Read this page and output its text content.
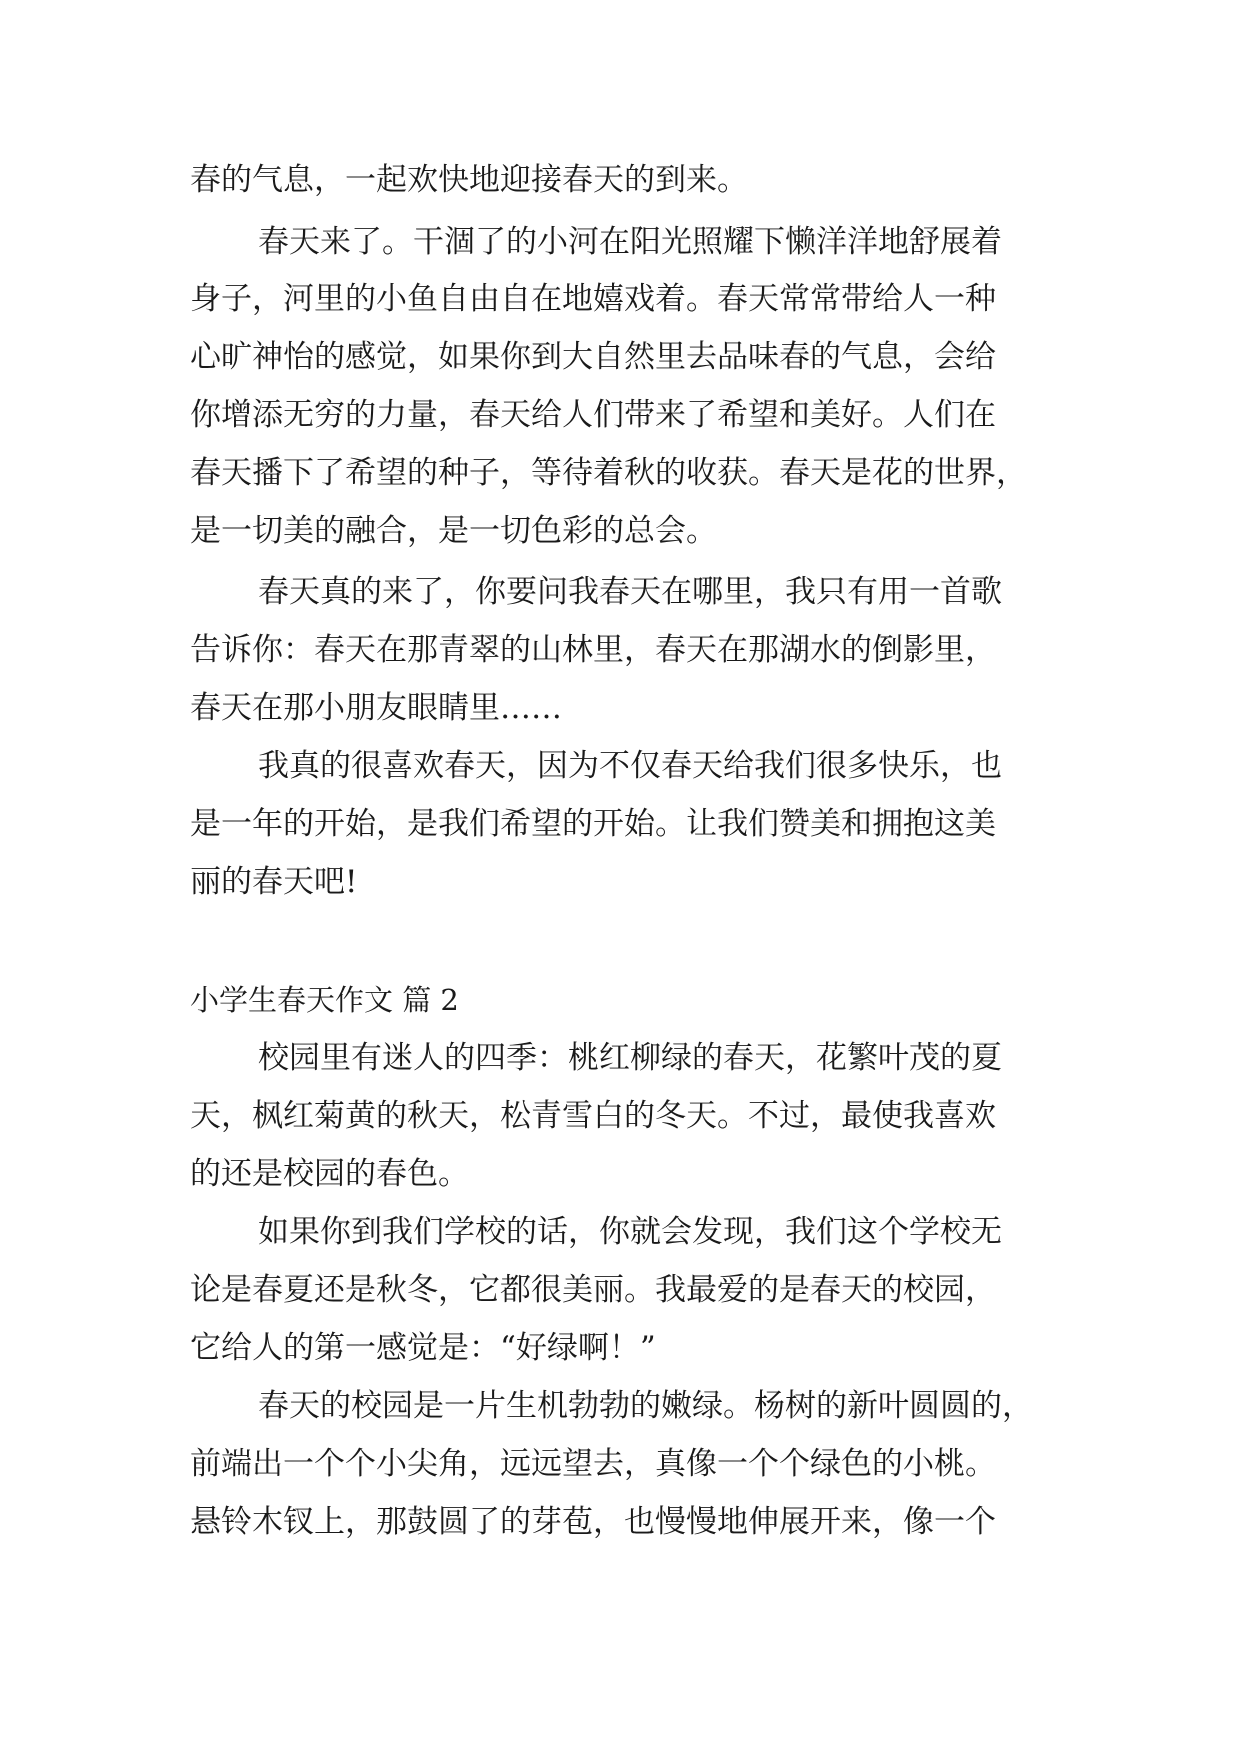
春的气息，一起欢快地迎接春天的到来。
春天来了。干涸了的小河在阳光照耀下懒洋洋地舒展着
身子，河里的小鱼自由自在地嬉戏着。春天常常带给人一种
心旷神怡的感觉，如果你到大自然里去品味春的气息，会给
你增添无穷的力量，春天给人们带来了希望和美好。人们在
春天播下了希望的种子，等待着秋的收获。春天是花的世界，
是一切美的融合，是一切色彩的总会。
春天真的来了，你要问我春天在哪里，我只有用一首歌
告诉你：春天在那青翠的山林里，春天在那湖水的倒影里，
春天在那小朋友眼睛里……
我真的很喜欢春天，因为不仅春天给我们很多快乐，也
是一年的开始，是我们希望的开始。让我们赞美和拥抱这美
丽的春天吧!
小学生春天作文 篇 2
校园里有迷人的四季：桃红柳绿的春天，花繁叶茂的夏
天，枫红菊黄的秋天，松青雪白的冬天。不过，最使我喜欢
的还是校园的春色。
如果你到我们学校的话，你就会发现，我们这个学校无
论是春夏还是秋冬，它都很美丽。我最爱的是春天的校园，
它给人的第一感觉是：“好绿啊！”
春天的校园是一片生机勃勃的嫩绿。杨树的新叶圆圆的，
前端出一个个小尖角，远远望去，真像一个个绿色的小桃。
悬铃木钗上，那鼓圆了的芽苞，也慢慢地伸展开来，像一个
